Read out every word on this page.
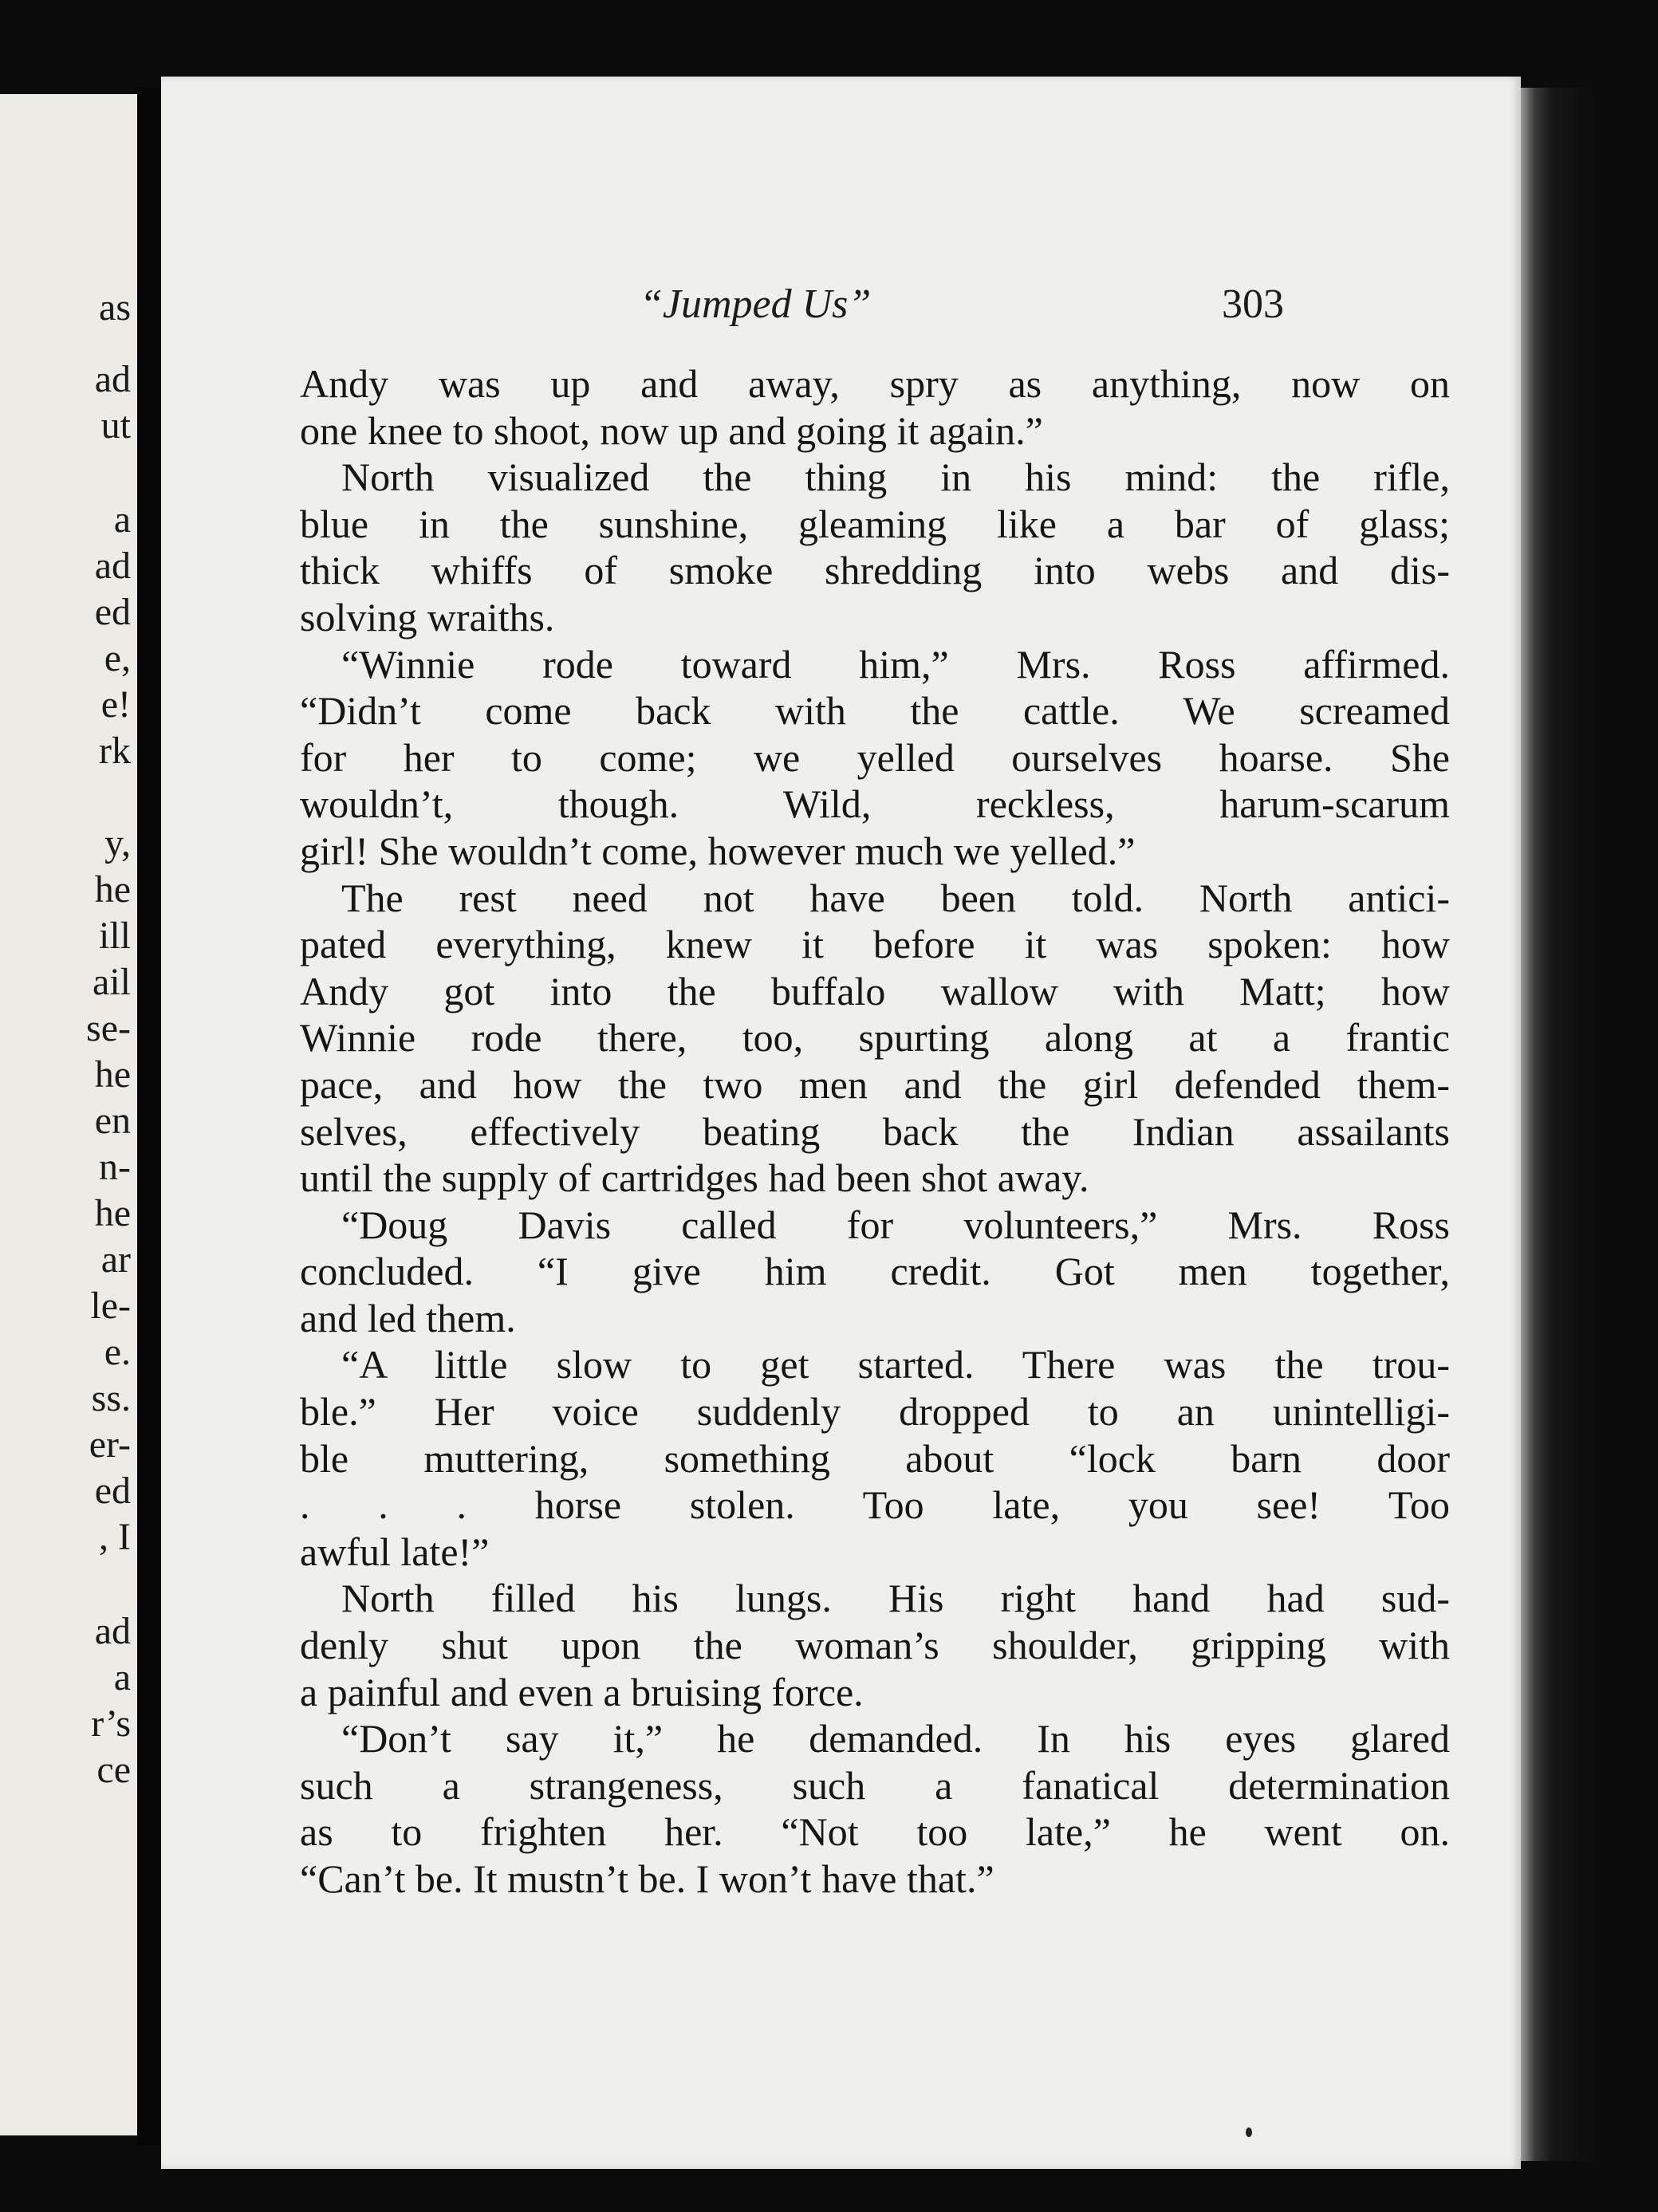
as
ad
ut
a
ad
ed
e,
e!
rk
y,
he
ill
ail
se-
he
en
n-
he
ar
le-
e.
ss.
er-
ed
, I
ad
a
r’s
ce
“Jumped Us”	303
Andy was up and away, spry as anything, now on
one knee to shoot, now up and going it again.”
North visualized the thing in his mind: the rifle,
blue in the sunshine, gleaming like a bar of glass;
thick whiffs of smoke shredding into webs and dis-
solving wraiths.
“Winnie rode toward him,” Mrs. Ross affirmed.
“Didn’t come back with the cattle. We screamed
for her to come; we yelled ourselves hoarse. She
wouldn’t, though. Wild, reckless, harum-scarum
girl! She wouldn’t come, however much we yelled.”
The rest need not have been told. North antici-
pated everything, knew it before it was spoken: how
Andy got into the buffalo wallow with Matt; how
Winnie rode there, too, spurting along at a frantic
pace, and how the two men and the girl defended them-
selves, effectively beating back the Indian assailants
until the supply of cartridges had been shot away.
“Doug Davis called for volunteers,” Mrs. Ross
concluded. “I give him credit. Got men together,
and led them.
“A little slow to get started. There was the trou-
ble.” Her voice suddenly dropped to an unintelligi-
ble muttering, something about “lock barn door
. . . horse stolen. Too late, you see! Too
awful late!”
North filled his lungs. His right hand had sud-
denly shut upon the woman’s shoulder, gripping with
a painful and even a bruising force.
“Don’t say it,” he demanded. In his eyes glared
such a strangeness, such a fanatical determination
as to frighten her. “Not too late,” he went on.
“Can’t be. It mustn’t be. I won’t have that.”
